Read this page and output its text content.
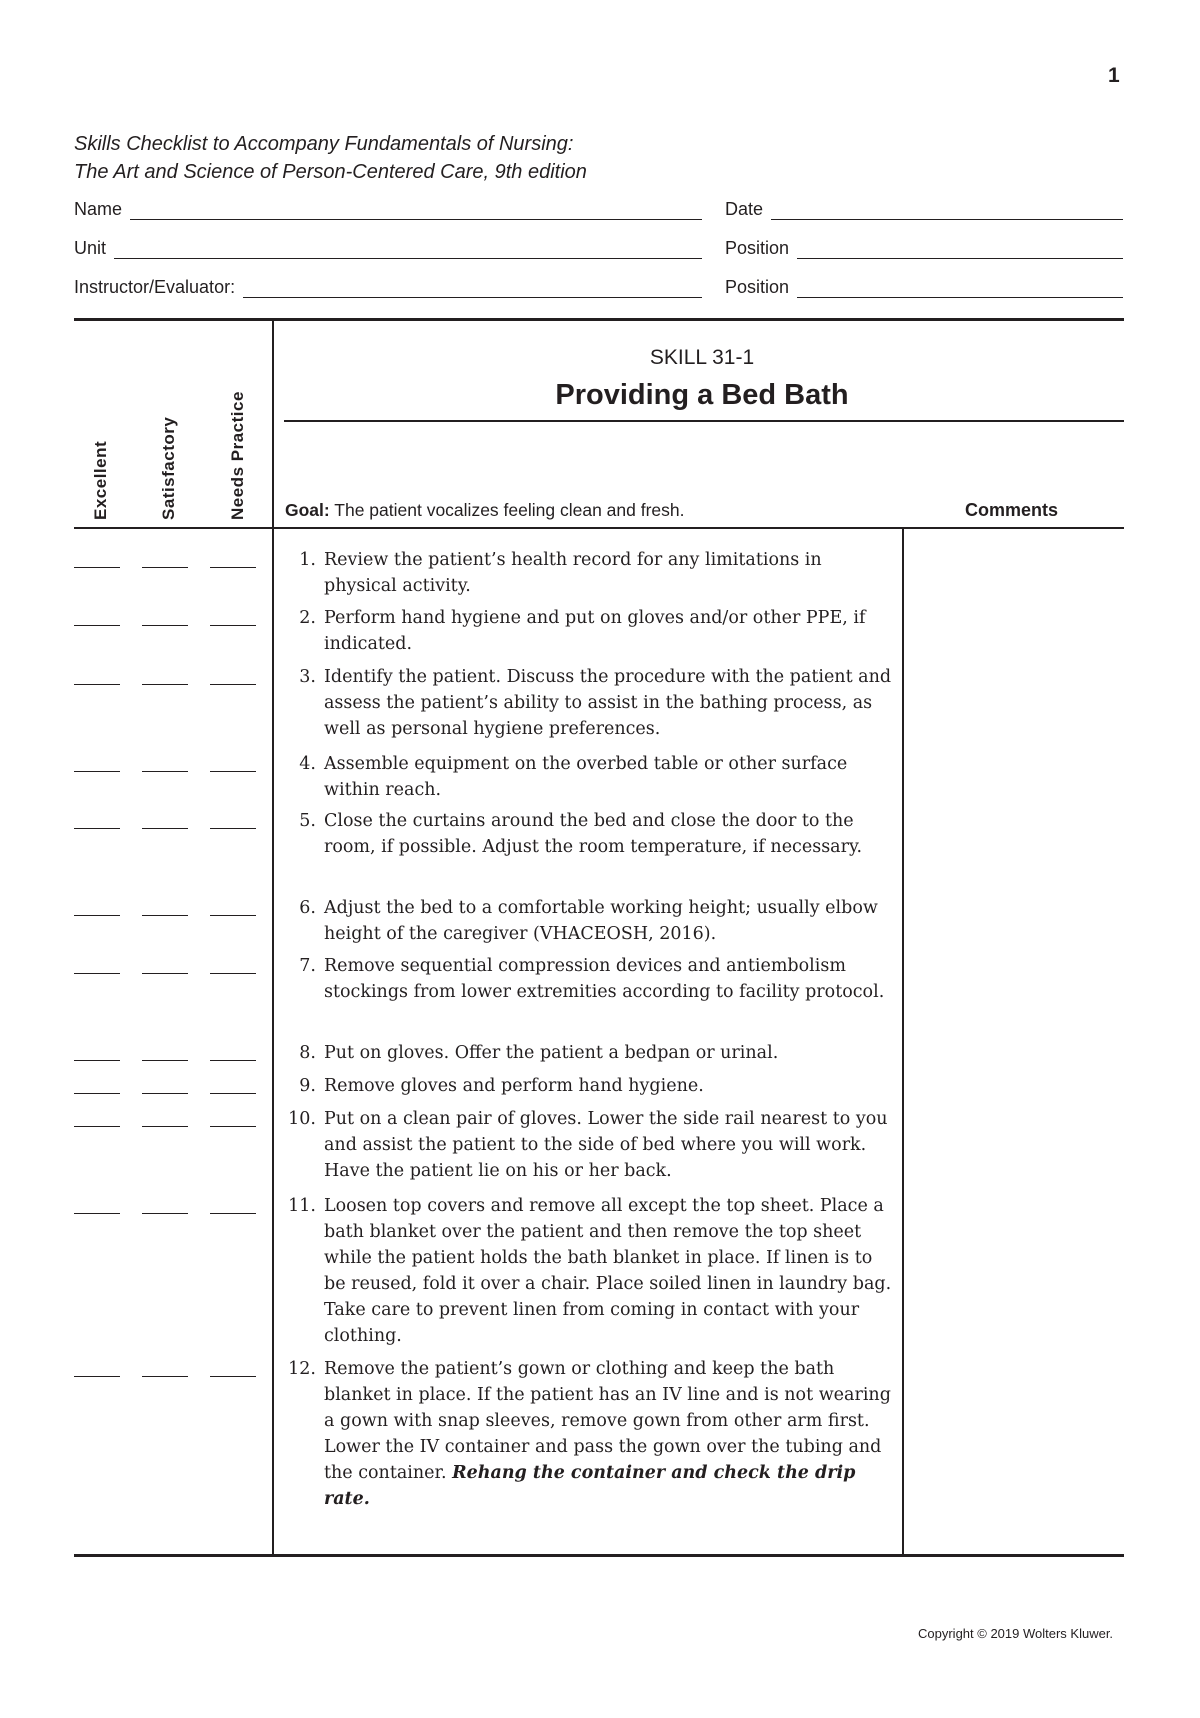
1
Skills Checklist to Accompany Fundamentals of Nursing:
The Art and Science of Person-Centered Care, 9th edition
Name	Date
Unit	Position
Instructor/Evaluator:	Position
Excellent	Satisfactory	Needs Practice
SKILL 31-1
Providing a Bed Bath
Goal: The patient vocalizes feeling clean and fresh.	Comments
1. Review the patient’s health record for any limitations in physical activity.
2. Perform hand hygiene and put on gloves and/or other PPE, if indicated.
3. Identify the patient. Discuss the procedure with the patient and assess the patient’s ability to assist in the bathing process, as well as personal hygiene preferences.
4. Assemble equipment on the overbed table or other surface within reach.
5. Close the curtains around the bed and close the door to the room, if possible. Adjust the room temperature, if necessary.
6. Adjust the bed to a comfortable working height; usually elbow height of the caregiver (VHACEOSH, 2016).
7. Remove sequential compression devices and antiembolism stockings from lower extremities according to facility protocol.
8. Put on gloves. Offer the patient a bedpan or urinal.
9. Remove gloves and perform hand hygiene.
10. Put on a clean pair of gloves. Lower the side rail nearest to you and assist the patient to the side of bed where you will work. Have the patient lie on his or her back.
11. Loosen top covers and remove all except the top sheet. Place a bath blanket over the patient and then remove the top sheet while the patient holds the bath blanket in place. If linen is to be reused, fold it over a chair. Place soiled linen in laundry bag. Take care to prevent linen from coming in contact with your clothing.
12. Remove the patient’s gown or clothing and keep the bath blanket in place. If the patient has an IV line and is not wearing a gown with snap sleeves, remove gown from other arm first. Lower the IV container and pass the gown over the tubing and the container. Rehang the container and check the drip rate.
Copyright © 2019 Wolters Kluwer.
